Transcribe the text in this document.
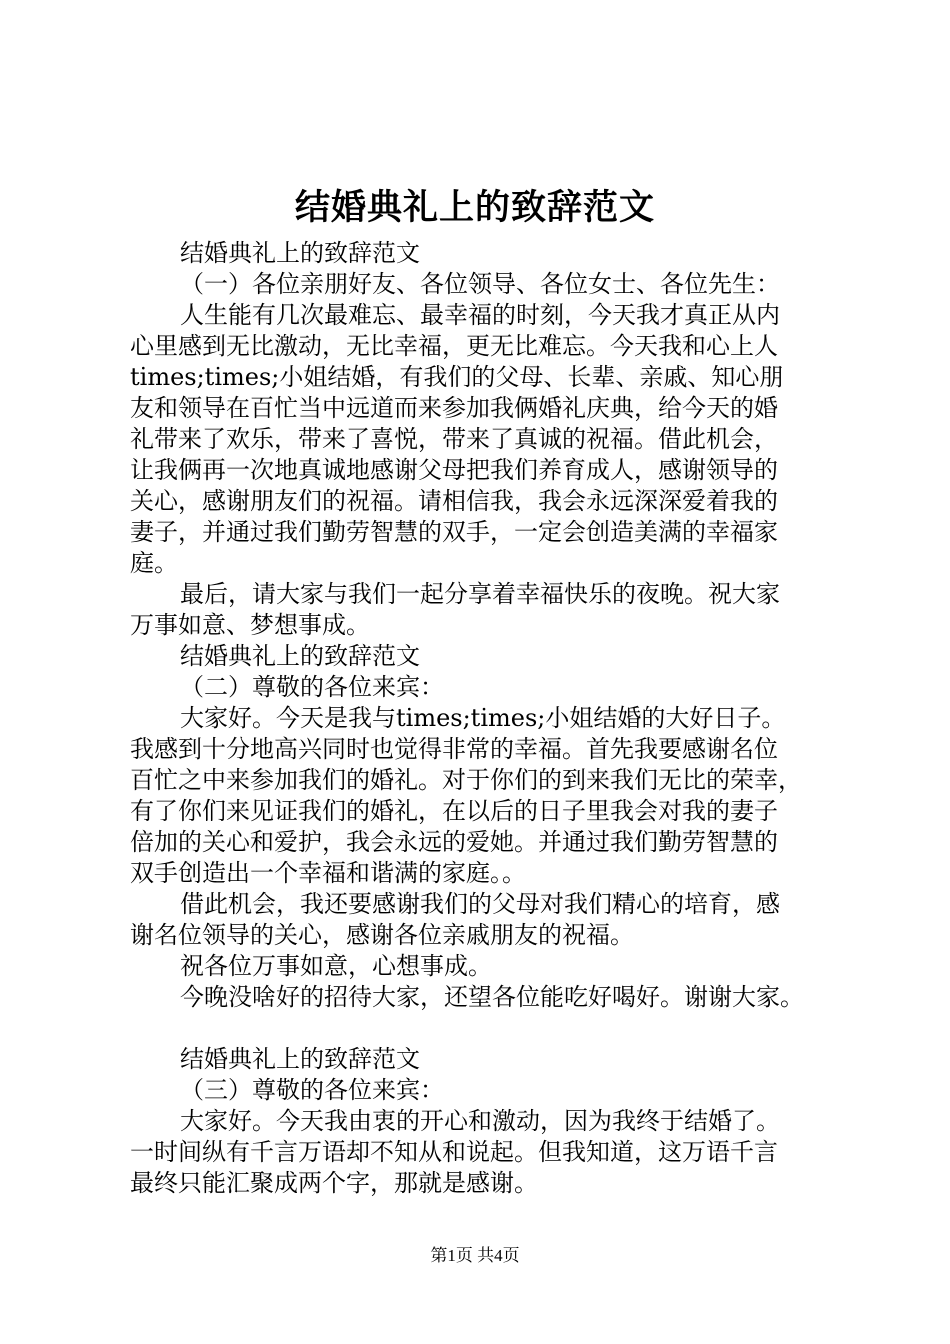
结婚典礼上的致辞范文
结婚典礼上的致辞范文
（一）各位亲朋好友、各位领导、各位女士、各位先生：
人生能有几次最难忘、最幸福的时刻，今天我才真正从内
心里感到无比激动，无比幸福，更无比难忘。今天我和心上人
times;times;小姐结婚，有我们的父母、长辈、亲戚、知心朋
友和领导在百忙当中远道而来参加我俩婚礼庆典，给今天的婚
礼带来了欢乐，带来了喜悦，带来了真诚的祝福。借此机会，
让我俩再一次地真诚地感谢父母把我们养育成人，感谢领导的
关心，感谢朋友们的祝福。请相信我，我会永远深深爱着我的
妻子，并通过我们勤劳智慧的双手，一定会创造美满的幸福家
庭。
最后，请大家与我们一起分享着幸福快乐的夜晚。祝大家
万事如意、梦想事成。
结婚典礼上的致辞范文
（二）尊敬的各位来宾：
大家好。今天是我与times;times;小姐结婚的大好日子。
我感到十分地高兴同时也觉得非常的幸福。首先我要感谢名位
百忙之中来参加我们的婚礼。对于你们的到来我们无比的荣幸，
有了你们来见证我们的婚礼，在以后的日子里我会对我的妻子
倍加的关心和爱护，我会永远的爱她。并通过我们勤劳智慧的
双手创造出一个幸福和谐满的家庭。。
借此机会，我还要感谢我们的父母对我们精心的培育，感
谢名位领导的关心，感谢各位亲戚朋友的祝福。
祝各位万事如意，心想事成。
今晚没啥好的招待大家，还望各位能吃好喝好。谢谢大家。
结婚典礼上的致辞范文
（三）尊敬的各位来宾：
大家好。今天我由衷的开心和激动，因为我终于结婚了。
一时间纵有千言万语却不知从和说起。但我知道，这万语千言
最终只能汇聚成两个字，那就是感谢。
第1页 共4页
